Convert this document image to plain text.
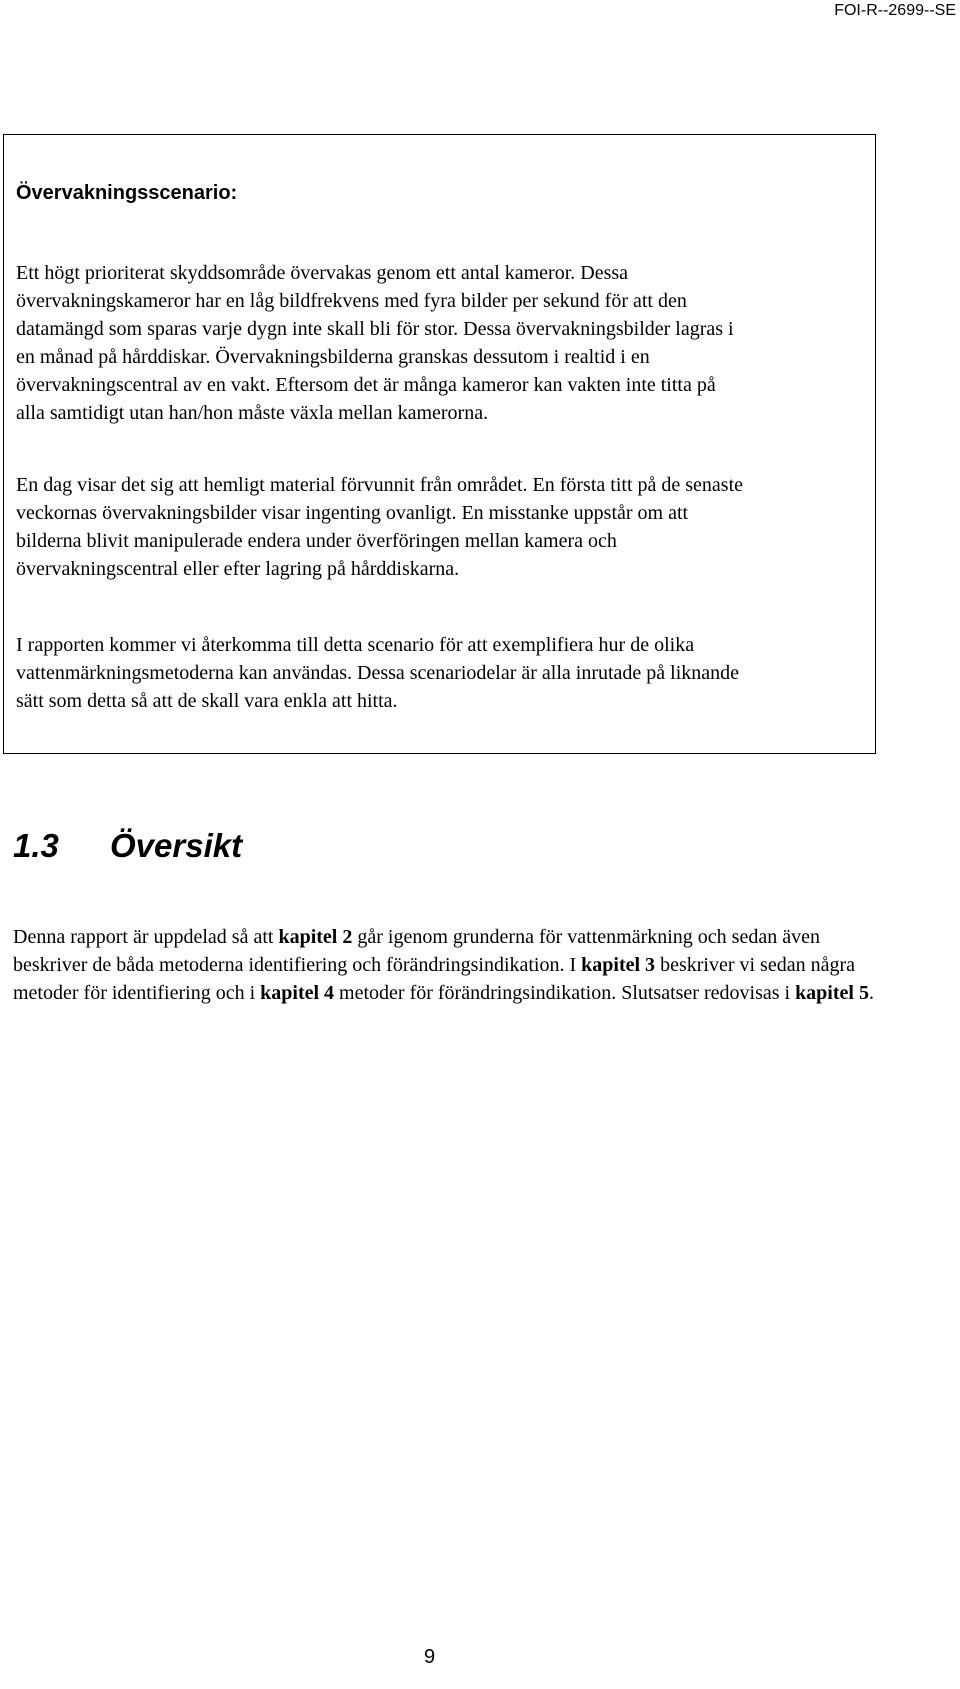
FOI-R--2699--SE
Övervakningsscenario:

Ett högt prioriterat skyddsområde övervakas genom ett antal kameror. Dessa
övervakningskameror har en låg bildfrekvens med fyra bilder per sekund för att den
datamängd som sparas varje dygn inte skall bli för stor. Dessa övervakningsbilder lagras i
en månad på hårddiskar. Övervakningsbilderna granskas dessutom i realtid i en
övervakningscentral av en vakt. Eftersom det är många kameror kan vakten inte titta på
alla samtidigt utan han/hon måste växla mellan kamerorna.

En dag visar det sig att hemligt material förvunnit från området. En första titt på de senaste
veckornas övervakningsbilder visar ingenting ovanligt. En misstanke uppstår om att
bilderna blivit manipulerade endera under överföringen mellan kamera och
övervakningscentral eller efter lagring på hårddiskarna.

I rapporten kommer vi återkomma till detta scenario för att exemplifiera hur de olika
vattenmärkningsmetoderna kan användas. Dessa scenariodelar är alla inrutade på liknande
sätt som detta så att de skall vara enkla att hitta.

1.3 Översikt

Denna rapport är uppdelad så att kapitel 2 går igenom grunderna för vattenmärkning och sedan även beskriver de båda metoderna identifiering och förändringsindikation. I kapitel 3 beskriver vi sedan några metoder för identifiering och i kapitel 4 metoder för förändringsindikation. Slutsatser redovisas i kapitel 5.

9
